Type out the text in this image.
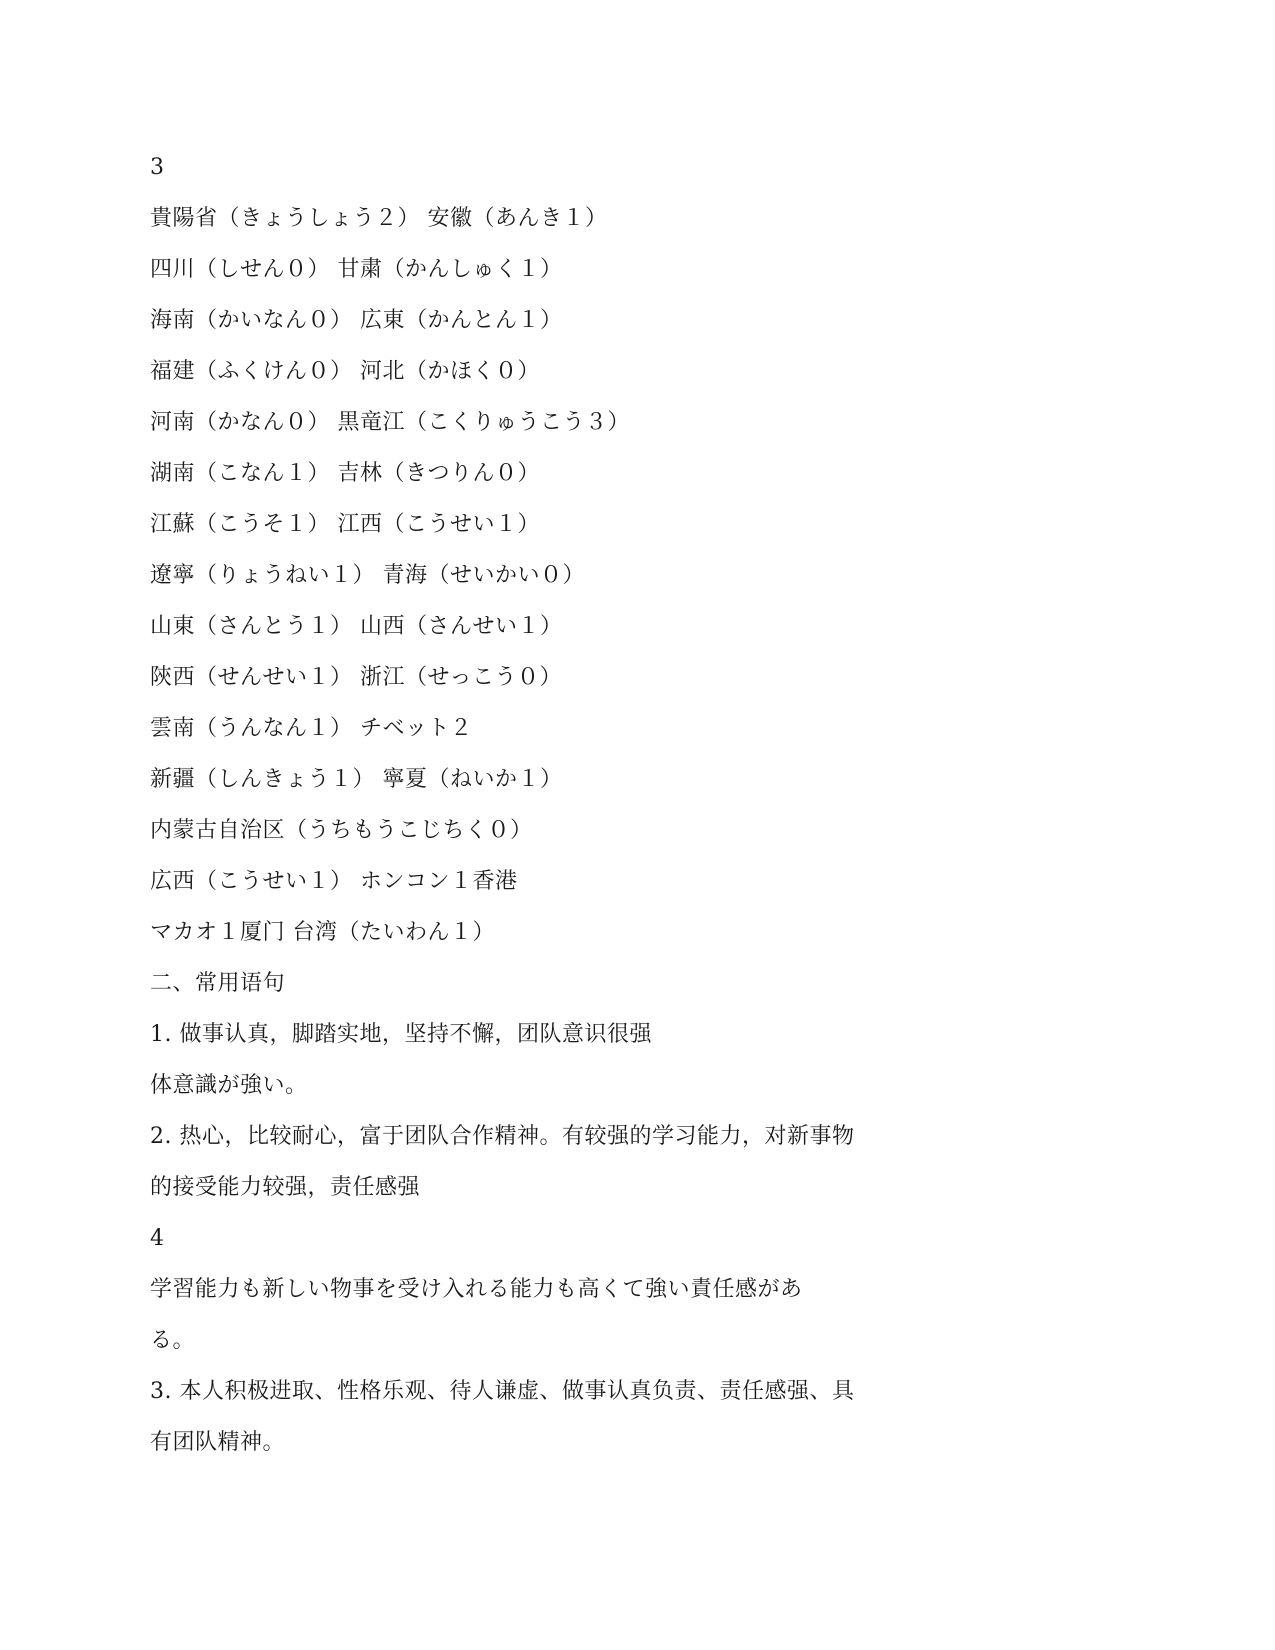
3
貴陽省（きょうしょう２） 安徽（あんき１）
四川（しせん０） 甘粛（かんしゅく１）
海南（かいなん０） 広東（かんとん１）
福建（ふくけん０） 河北（かほく０）
河南（かなん０） 黒竜江（こくりゅうこう３）
湖南（こなん１） 吉林（きつりん０）
江蘇（こうそ１） 江西（こうせい１）
遼寧（りょうねい１） 青海（せいかい０）
山東（さんとう１） 山西（さんせい１）
陝西（せんせい１） 浙江（せっこう０）
雲南（うんなん１） チベット２
新疆（しんきょう１） 寧夏（ねいか１）
内蒙古自治区（うちもうこじちく０）
広西（こうせい１） ホンコン１香港
マカオ１厦门 台湾（たいわん１）
二、常用语句
1. 做事认真，脚踏实地，坚持不懈，团队意识很强
体意識が強い。
2. 热心，比较耐心，富于团队合作精神。有较强的学习能力，对新事物
的接受能力较强，责任感强
4
学習能力も新しい物事を受け入れる能力も高くて強い責任感があ
る。
3. 本人积极进取、性格乐观、待人谦虚、做事认真负责、责任感强、具
有团队精神。
